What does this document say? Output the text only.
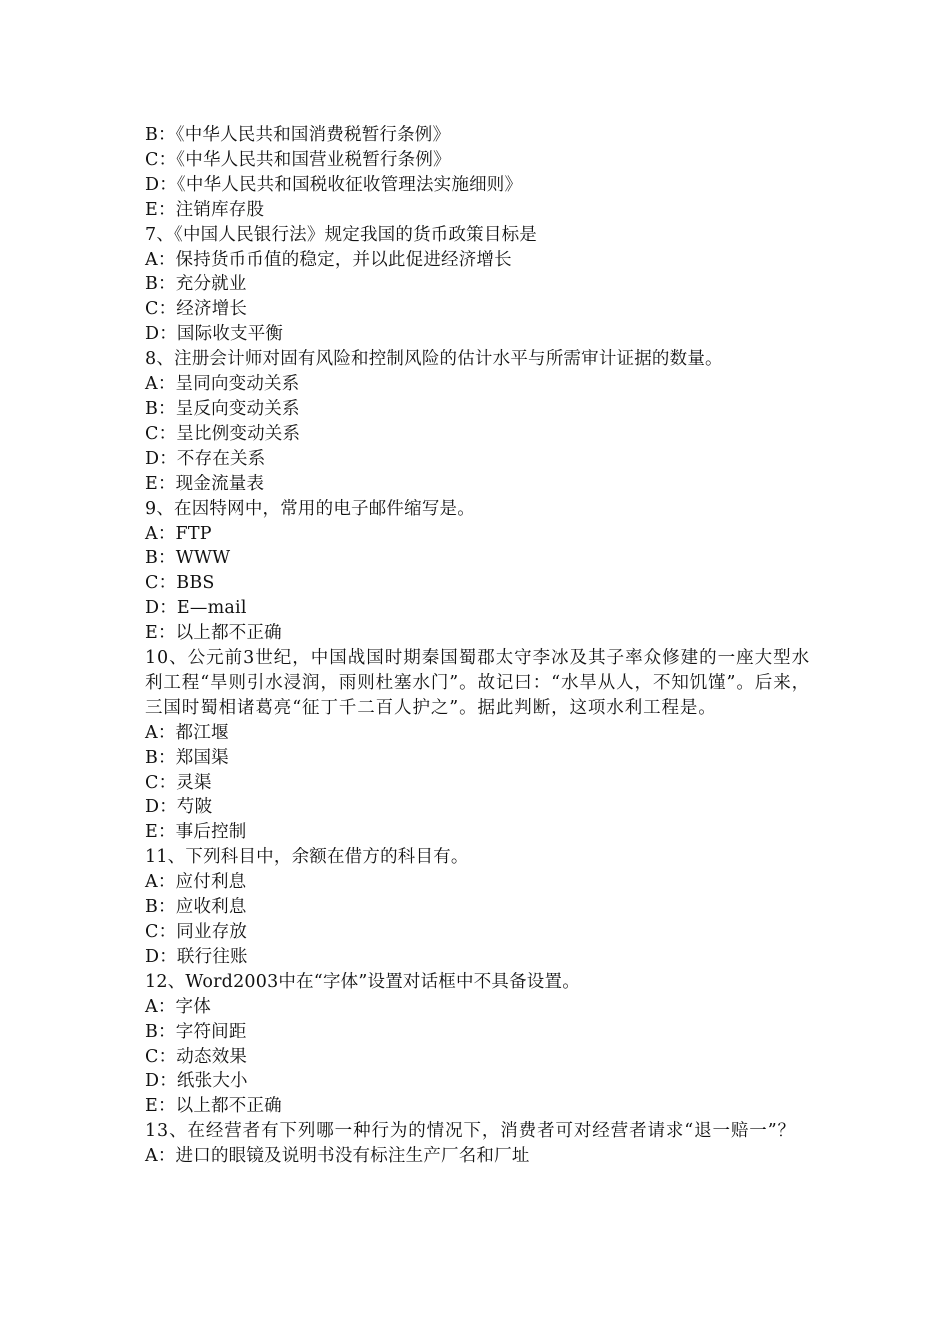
B：《中华人民共和国消费税暂行条例》
C：《中华人民共和国营业税暂行条例》
D：《中华人民共和国税收征收管理法实施细则》
E：注销库存股
7、《中国人民银行法》规定我国的货币政策目标是
A：保持货币币值的稳定，并以此促进经济增长
B：充分就业
C：经济增长
D：国际收支平衡
8、注册会计师对固有风险和控制风险的估计水平与所需审计证据的数量。
A：呈同向变动关系
B：呈反向变动关系
C：呈比例变动关系
D：不存在关系
E：现金流量表
9、在因特网中，常用的电子邮件缩写是。
A：FTP
B：WWW
C：BBS
D：E—mail
E：以上都不正确
10、公元前3世纪，中国战国时期秦国蜀郡太守李冰及其子率众修建的一座大型水利工程“旱则引水浸润，雨则杜塞水门”。故记曰：“水旱从人，不知饥馑”。后来，三国时蜀相诸葛亮“征丁千二百人护之”。据此判断，这项水利工程是。
A：都江堰
B：郑国渠
C：灵渠
D：芍陂
E：事后控制
11、下列科目中，余额在借方的科目有。
A：应付利息
B：应收利息
C：同业存放
D：联行往账
12、Word2003中在“字体”设置对话框中不具备设置。
A：字体
B：字符间距
C：动态效果
D：纸张大小
E：以上都不正确
13、在经营者有下列哪一种行为的情况下，消费者可对经营者请求“退一赔一”？
A：进口的眼镜及说明书没有标注生产厂名和厂址
